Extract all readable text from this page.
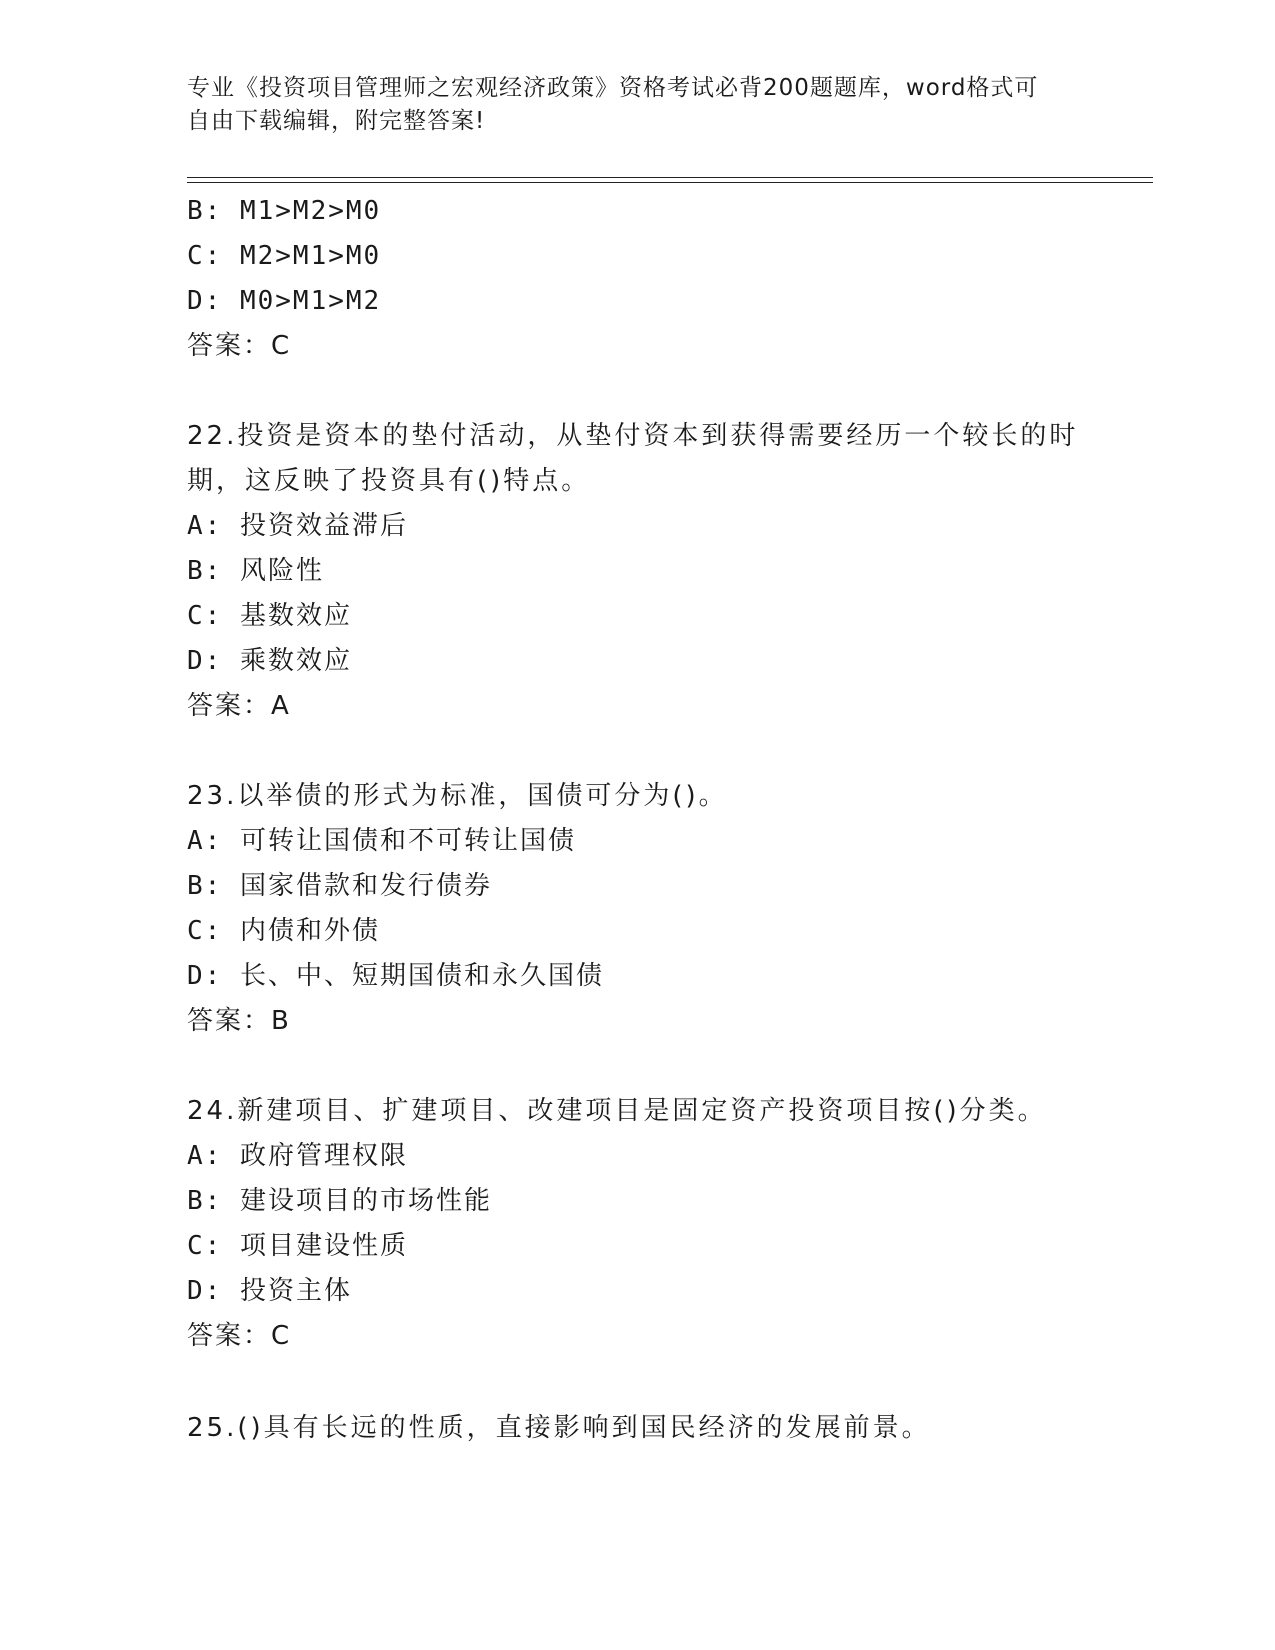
专业《投资项目管理师之宏观经济政策》资格考试必背200题题库，word格式可
自由下载编辑，附完整答案!
B: M1>M2>M0
C: M2>M1>M0
D: M0>M1>M2
答案：C
22.投资是资本的垫付活动，从垫付资本到获得需要经历一个较长的时
期，这反映了投资具有()特点。
A: 投资效益滞后
B: 风险性
C: 基数效应
D: 乘数效应
答案：A
23.以举债的形式为标准，国债可分为()。
A: 可转让国债和不可转让国债
B: 国家借款和发行债券
C: 内债和外债
D: 长、中、短期国债和永久国债
答案：B
24.新建项目、扩建项目、改建项目是固定资产投资项目按()分类。
A: 政府管理权限
B: 建设项目的市场性能
C: 项目建设性质
D: 投资主体
答案：C
25.()具有长远的性质，直接影响到国民经济的发展前景。
